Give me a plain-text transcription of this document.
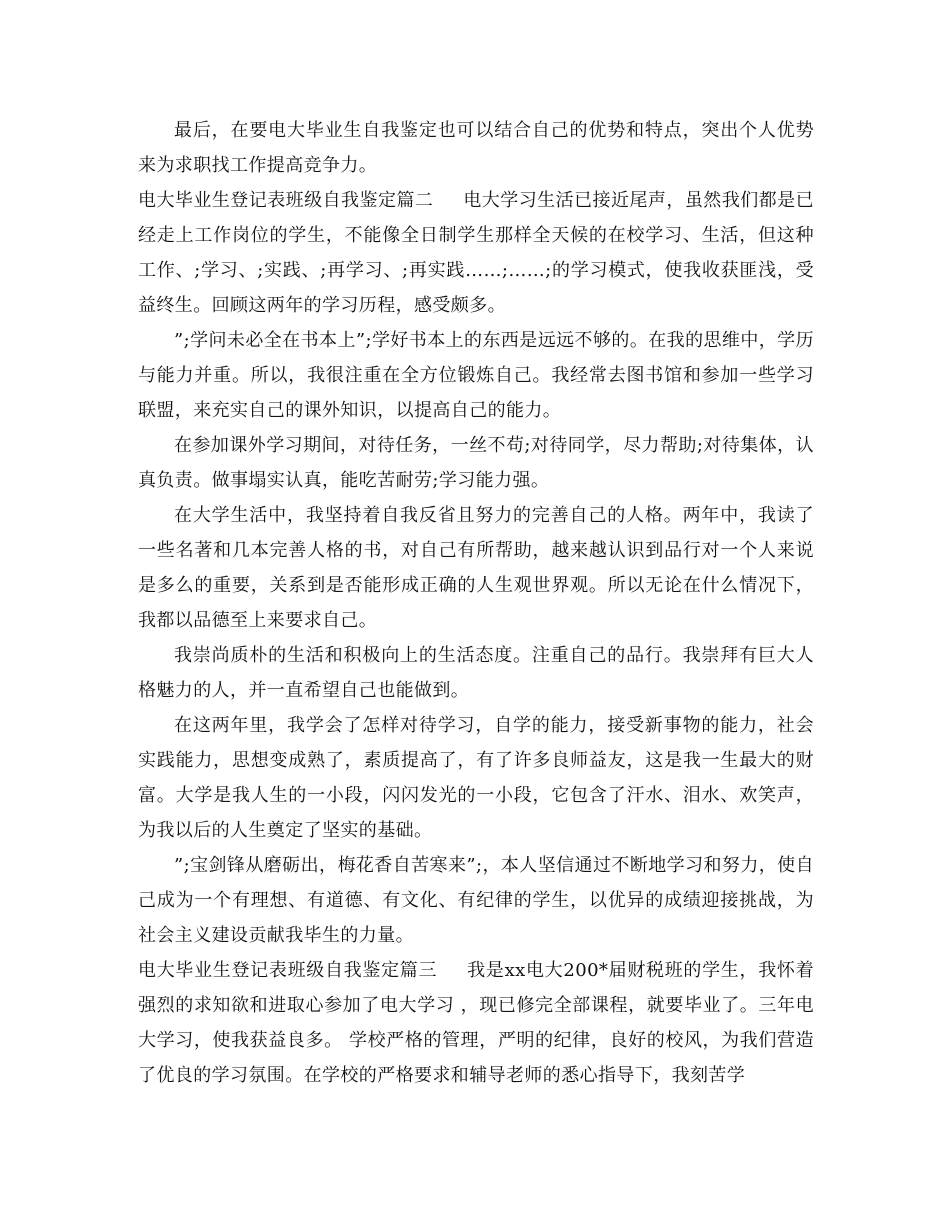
最后，在要电大毕业生自我鉴定也可以结合自己的优势和特点，突出个人优势来为求职找工作提高竞争力。

电大毕业生登记表班级自我鉴定篇二 电大学习生活已接近尾声，虽然我们都是已经走上工作岗位的学生，不能像全日制学生那样全天候的在校学习、生活，但这种工作、;学习、;实践、;再学习、;再实践……;……;的学习模式，使我收获匪浅，受益终生。回顾这两年的学习历程，感受颇多。

”;学问未必全在书本上”;学好书本上的东西是远远不够的。在我的思维中，学历与能力并重。所以，我很注重在全方位锻炼自己。我经常去图书馆和参加一些学习联盟，来充实自己的课外知识，以提高自己的能力。

在参加课外学习期间，对待任务，一丝不苟;对待同学，尽力帮助;对待集体，认真负责。做事塌实认真，能吃苦耐劳;学习能力强。

在大学生活中，我坚持着自我反省且努力的完善自己的人格。两年中，我读了一些名著和几本完善人格的书，对自己有所帮助，越来越认识到品行对一个人来说是多么的重要，关系到是否能形成正确的人生观世界观。所以无论在什么情况下，我都以品德至上来要求自己。

我崇尚质朴的生活和积极向上的生活态度。注重自己的品行。我崇拜有巨大人格魅力的人，并一直希望自己也能做到。

在这两年里，我学会了怎样对待学习，自学的能力，接受新事物的能力，社会实践能力，思想变成熟了，素质提高了，有了许多良师益友，这是我一生最大的财富。大学是我人生的一小段，闪闪发光的一小段，它包含了汗水、泪水、欢笑声，为我以后的人生奠定了坚实的基础。

”;宝剑锋从磨砺出，梅花香自苦寒来”;，本人坚信通过不断地学习和努力，使自己成为一个有理想、有道德、有文化、有纪律的学生，以优异的成绩迎接挑战，为社会主义建设贡献我毕生的力量。

电大毕业生登记表班级自我鉴定篇三 我是xx电大200*届财税班的学生，我怀着强烈的求知欲和进取心参加了电大学习 ，现已修完全部课程，就要毕业了。三年电大学习，使我获益良多。 学校严格的管理，严明的纪律，良好的校风，为我们营造了优良的学习氛围。在学校的严格要求和辅导老师的悉心指导下，我刻苦学
